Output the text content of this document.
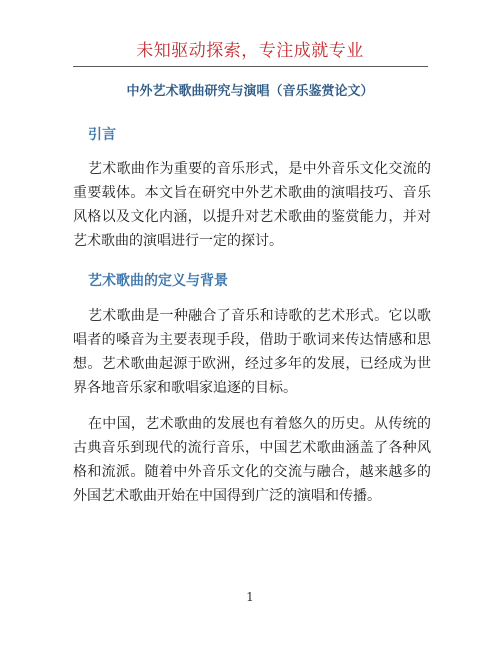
未知驱动探索，专注成就专业
中外艺术歌曲研究与演唱（音乐鉴赏论文）
引言
艺术歌曲作为重要的音乐形式，是中外音乐文化交流的重要载体。本文旨在研究中外艺术歌曲的演唱技巧、音乐风格以及文化内涵，以提升对艺术歌曲的鉴赏能力，并对艺术歌曲的演唱进行一定的探讨。
艺术歌曲的定义与背景
艺术歌曲是一种融合了音乐和诗歌的艺术形式。它以歌唱者的嗓音为主要表现手段，借助于歌词来传达情感和思想。艺术歌曲起源于欧洲，经过多年的发展，已经成为世界各地音乐家和歌唱家追逐的目标。
在中国，艺术歌曲的发展也有着悠久的历史。从传统的古典音乐到现代的流行音乐，中国艺术歌曲涵盖了各种风格和流派。随着中外音乐文化的交流与融合，越来越多的外国艺术歌曲开始在中国得到广泛的演唱和传播。
1
